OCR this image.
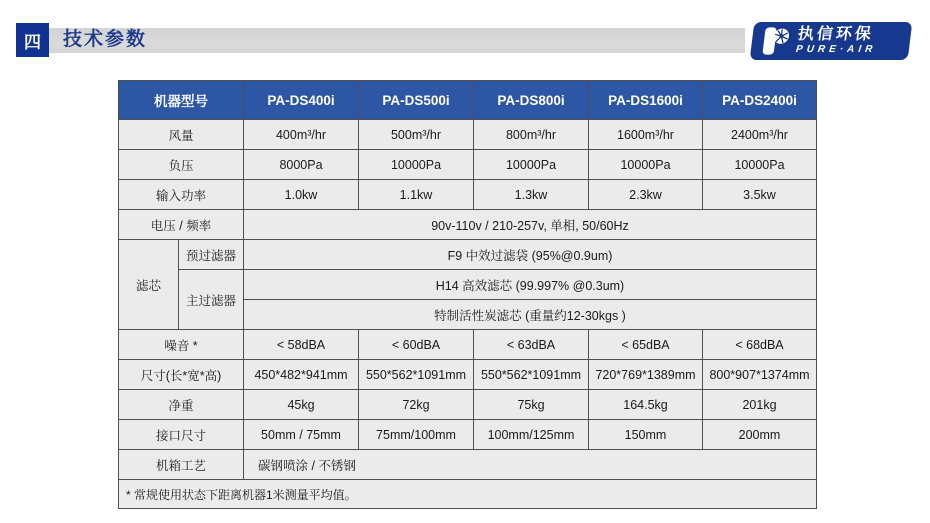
四 技术参数	执信环保
PURE·AIR
机器型号		PA-DS400i	PA-DS500i	PA-DS800i	PA-DS1600i	PA-DS2400i
风量		400m³/hr	500m³/hr	800m³/hr	1600m³/hr	2400m³/hr
负压		8000Pa	10000Pa	10000Pa	10000Pa	10000Pa
输入功率		1.0kw	1.1kw	1.3kw	2.3kw	3.5kw
电压 / 频率		90v-110v / 210-257v, 单相, 50/60Hz				
滤芯	预过滤器	F9 中效过滤袋 (95%@0.9um)				
	主过滤器	H14 高效滤芯 (99.997% @0.3um)				
		特制活性炭滤芯 (重量约12-30kgs )				
噪音 *		< 58dBA	< 60dBA	< 63dBA	< 65dBA	< 68dBA
尺寸(长*宽*高)		450*482*941mm	550*562*1091mm	550*562*1091mm	720*769*1389mm	800*907*1374mm
净重		45kg	72kg	75kg	164.5kg	201kg
接口尺寸		50mm / 75mm	75mm/100mm	100mm/125mm	150mm	200mm
机箱工艺		碳钢喷涂 / 不锈钢				
* 常规使用状态下距离机器1米测量平均值。						
